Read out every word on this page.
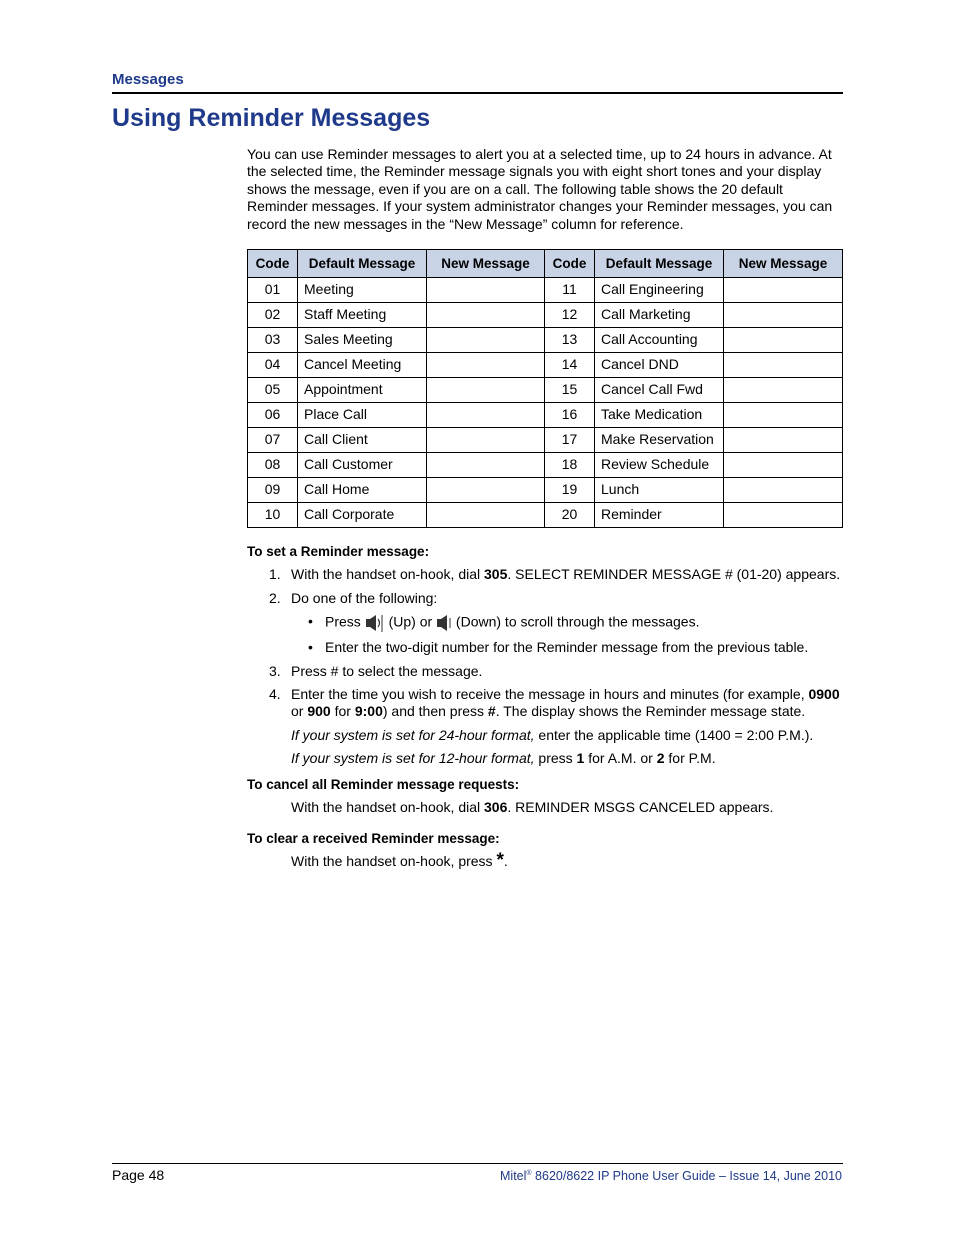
Messages
Using Reminder Messages

You can use Reminder messages to alert you at a selected time, up to 24 hours in advance. At the selected time, the Reminder message signals you with eight short tones and your display shows the message, even if you are on a call. The following table shows the 20 default Reminder messages. If your system administrator changes your Reminder messages, you can record the new messages in the “New Message” column for reference.

Code	Default Message	New Message	Code	Default Message	New Message
01	Meeting		11	Call Engineering	
02	Staff Meeting		12	Call Marketing	
03	Sales Meeting		13	Call Accounting	
04	Cancel Meeting		14	Cancel DND	
05	Appointment		15	Cancel Call Fwd	
06	Place Call		16	Take Medication	
07	Call Client		17	Make Reservation	
08	Call Customer		18	Review Schedule	
09	Call Home		19	Lunch	
10	Call Corporate		20	Reminder	
To set a Reminder message:
1. With the handset on-hook, dial 305. SELECT REMINDER MESSAGE # (01-20) appears.
2. Do one of the following:
• Press  (Up) or  (Down) to scroll through the messages.
• Enter the two-digit number for the Reminder message from the previous table.
3. Press # to select the message.
4. Enter the time you wish to receive the message in hours and minutes (for example, 0900 or 900 for 9:00) and then press #. The display shows the Reminder message state.

If your system is set for 24-hour format, enter the applicable time (1400 = 2:00 P.M.).

If your system is set for 12-hour format, press 1 for A.M. or 2 for P.M.

To cancel all Reminder message requests:

With the handset on-hook, dial 306. REMINDER MSGS CANCELED appears.

To clear a received Reminder message:

With the handset on-hook, press *.

Page 48	Mitel® 8620/8622 IP Phone User Guide – Issue 14, June 2010
